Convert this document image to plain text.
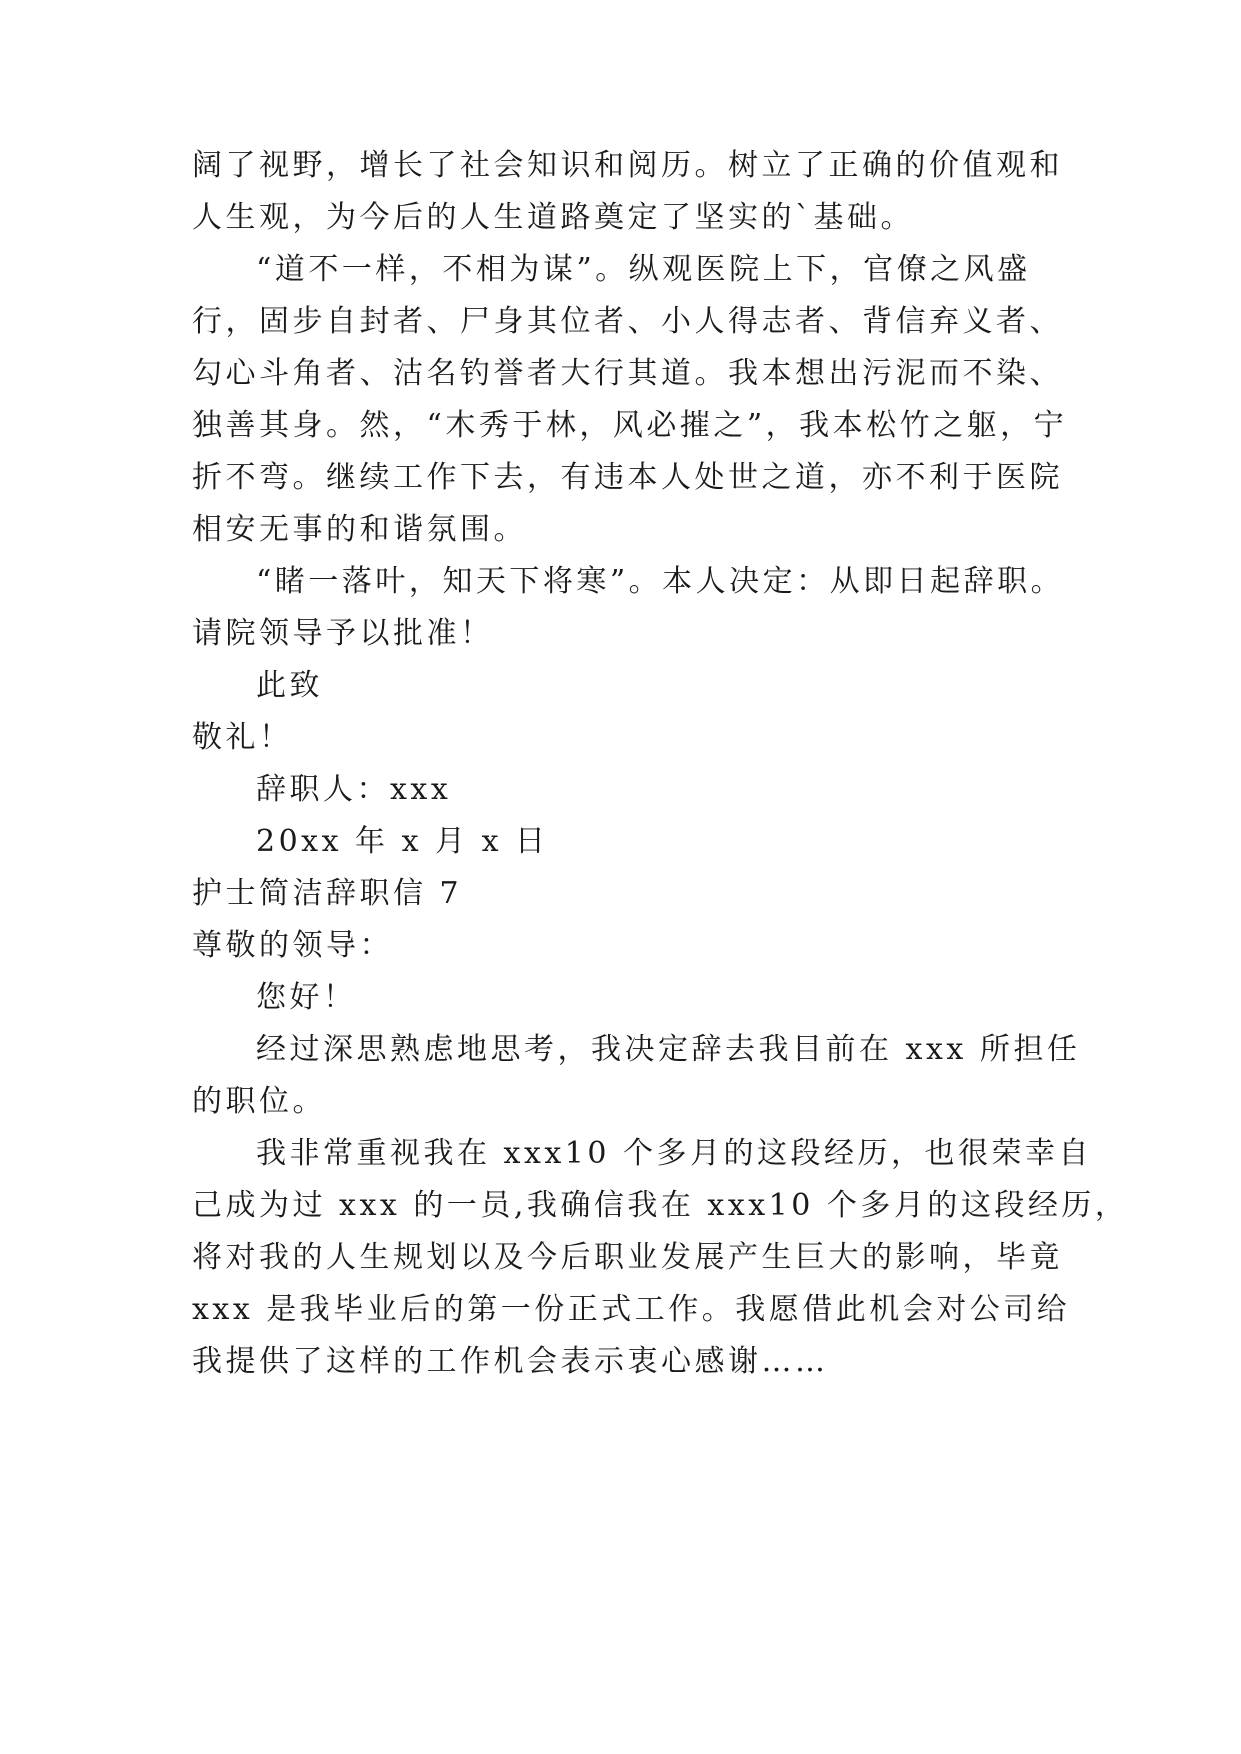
阔了视野，增长了社会知识和阅历。树立了正确的价值观和
人生观，为今后的人生道路奠定了坚实的`基础。
“道不一样，不相为谋”。纵观医院上下，官僚之风盛
行，固步自封者、尸身其位者、小人得志者、背信弃义者、
勾心斗角者、沽名钓誉者大行其道。我本想出污泥而不染、
独善其身。然，“木秀于林，风必摧之”，我本松竹之躯，宁
折不弯。继续工作下去，有违本人处世之道，亦不利于医院
相安无事的和谐氛围。
“睹一落叶，知天下将寒”。本人决定：从即日起辞职。
请院领导予以批准！
此致
敬礼！
辞职人：xxx
20xx 年 x 月 x 日
护士简洁辞职信 7
尊敬的领导：
您好！
经过深思熟虑地思考，我决定辞去我目前在 xxx 所担任
的职位。
我非常重视我在 xxx10 个多月的这段经历，也很荣幸自
己成为过 xxx 的一员,我确信我在 xxx10 个多月的这段经历，
将对我的人生规划以及今后职业发展产生巨大的影响，毕竟
xxx 是我毕业后的第一份正式工作。我愿借此机会对公司给
我提供了这样的工作机会表示衷心感谢……
